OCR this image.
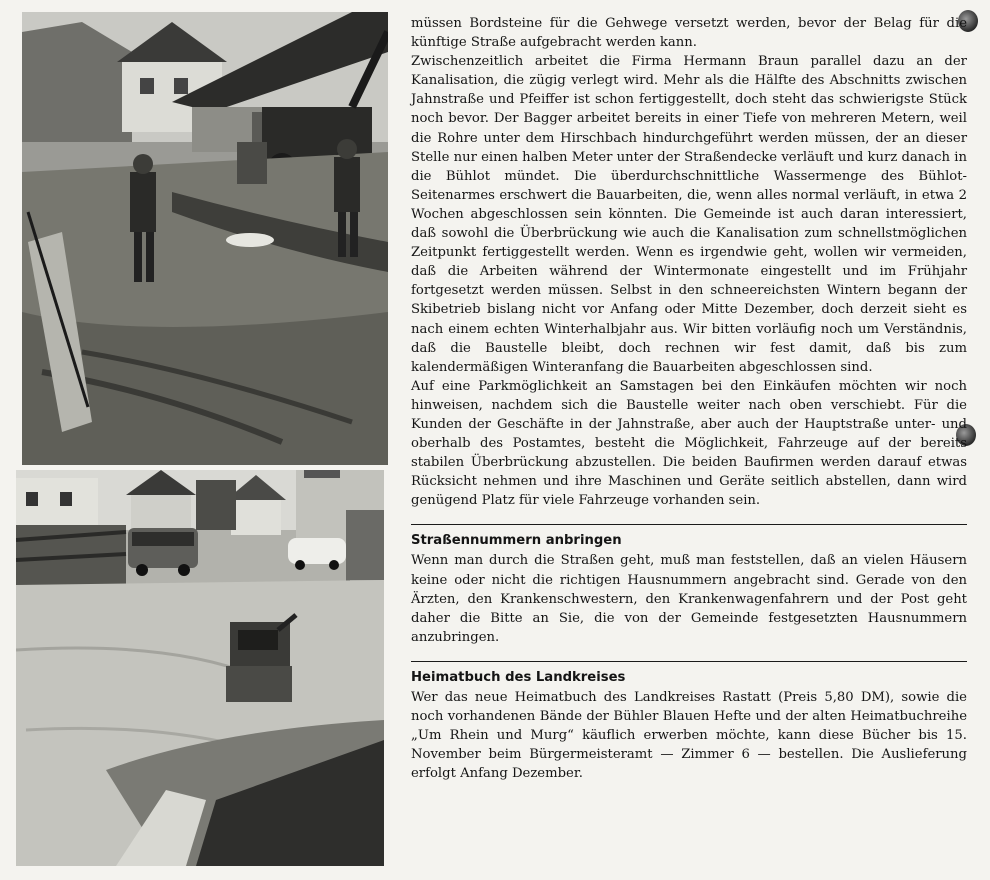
müssen Bordsteine für die Gehwege versetzt werden, bevor der Belag für die künftige Straße aufgebracht werden kann.

Zwischenzeitlich arbeitet die Firma Hermann Braun parallel dazu an der Kanalisation, die zügig verlegt wird. Mehr als die Hälfte des Abschnitts zwischen Jahnstraße und Pfeiffer ist schon fertiggestellt, doch steht das schwierigste Stück noch bevor. Der Bagger arbeitet bereits in einer Tiefe von mehreren Metern, weil die Rohre unter dem Hirschbach hindurchgeführt werden müssen, der an dieser Stelle nur einen halben Meter unter der Straßendecke verläuft und kurz danach in die Bühlot mündet. Die überdurchschnittliche Wassermenge des Bühlot-Seitenarmes erschwert die Bauarbeiten, die, wenn alles normal verläuft, in etwa 2 Wochen abgeschlossen sein könnten. Die Gemeinde ist auch daran interessiert, daß sowohl die Überbrückung wie auch die Kanalisation zum schnellstmöglichen Zeitpunkt fertiggestellt werden. Wenn es irgendwie geht, wollen wir vermeiden, daß die Arbeiten während der Wintermonate eingestellt und im Frühjahr fortgesetzt werden müssen. Selbst in den schneereichsten Wintern begann der Skibetrieb bislang nicht vor Anfang oder Mitte Dezember, doch derzeit sieht es nach einem echten Winterhalbjahr aus. Wir bitten vorläufig noch um Verständnis, daß die Baustelle bleibt, doch rechnen wir fest damit, daß bis zum kalendermäßigen Winteranfang die Bauarbeiten abgeschlossen sind.

Auf eine Parkmöglichkeit an Samstagen bei den Einkäufen möchten wir noch hinweisen, nachdem sich die Baustelle weiter nach oben verschiebt. Für die Kunden der Geschäfte in der Jahnstraße, aber auch der Hauptstraße unter- und oberhalb des Postamtes, besteht die Möglichkeit, Fahrzeuge auf der bereits stabilen Überbrückung abzustellen. Die beiden Baufirmen werden darauf etwas Rücksicht nehmen und ihre Maschinen und Geräte seitlich abstellen, dann wird genügend Platz für viele Fahrzeuge vorhanden sein.

Straßennummern anbringen

Wenn man durch die Straßen geht, muß man feststellen, daß an vielen Häusern keine oder nicht die richtigen Hausnummern angebracht sind. Gerade von den Ärzten, den Krankenschwestern, den Krankenwagenfahrern und der Post geht daher die Bitte an Sie, die von der Gemeinde festgesetzten Hausnummern anzubringen.

Heimatbuch des Landkreises

Wer das neue Heimatbuch des Landkreises Rastatt (Preis 5,80 DM), sowie die noch vorhandenen Bände der Bühler Blauen Hefte und der alten Heimatbuchreihe „Um Rhein und Murg“ käuflich erwerben möchte, kann diese Bücher bis 15. November beim Bürgermeisteramt — Zimmer 6 — bestellen. Die Auslieferung erfolgt Anfang Dezember.
